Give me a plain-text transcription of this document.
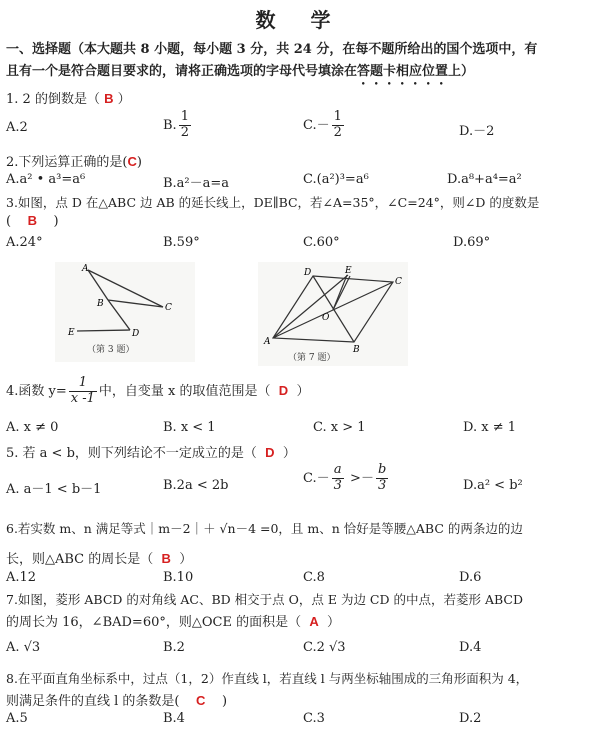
数 学
一、选择题（本大题共 8 小题，每小题 3 分，共 24 分，在每不题所给出的国个选项中，有
且有一个是符合题目要求的，请将正确选项的字母代号填涂在答题卡相应位置上）
1. 2 的倒数是（ B ）
A.2	B. $\frac{1}{2}$	$C.- \frac{1}{2}$	D.－2
2.下列运算正确的是(C)
A.a² • a³=a⁶	B.a²－a=a	C.(a²)³=a⁶	D.a⁸+a⁴=a²
3.如图，点 D 在△ABC 边 AB 的延长线上，DE∥BC，若∠A=35°，∠C=24°，则∠D 的度数是
( B )
A.24°	B.59°	C.60°	D.69°
A
B	C
D
E
（第 3 题）
D	E
C
O
A
B
（第 7 题）
4.函数 $y= \frac{1}{x -1}$ 中，自变量 x 的取值范围是（ D ）
A. x ≠ 0	B. x < 1	C. x > 1	D. x ≠ 1
5. 若 a < b，则下列结论不一定成立的是（ D ）
A. a－1 < b－1	B.2a < 2b	$C.- \frac{a}{3} >- \frac{b}{3}$	D.a² < b²
6.若实数 m、n 满足等式｜m－2｜＋ √n－4 =0，且 m、n 恰好是等腰△ABC 的两条边的边
长，则△ABC 的周长是（ B ）
A.12	B.10	C.8	D.6
7.如图，菱形 ABCD 的对角线 AC、BD 相交于点 O，点 E 为边 CD 的中点，若菱形 ABCD
的周长为 16，∠BAD=60°，则△OCE 的面积是（ A ）
A. √3	B.2	C.2 √3	D.4
8.在平面直角坐标系中，过点（1，2）作直线 l，若直线 l 与两坐标轴围成的三角形面积为 4，
则满足条件的直线 l 的条数是( C )
A.5	B.4	C.3	D.2
